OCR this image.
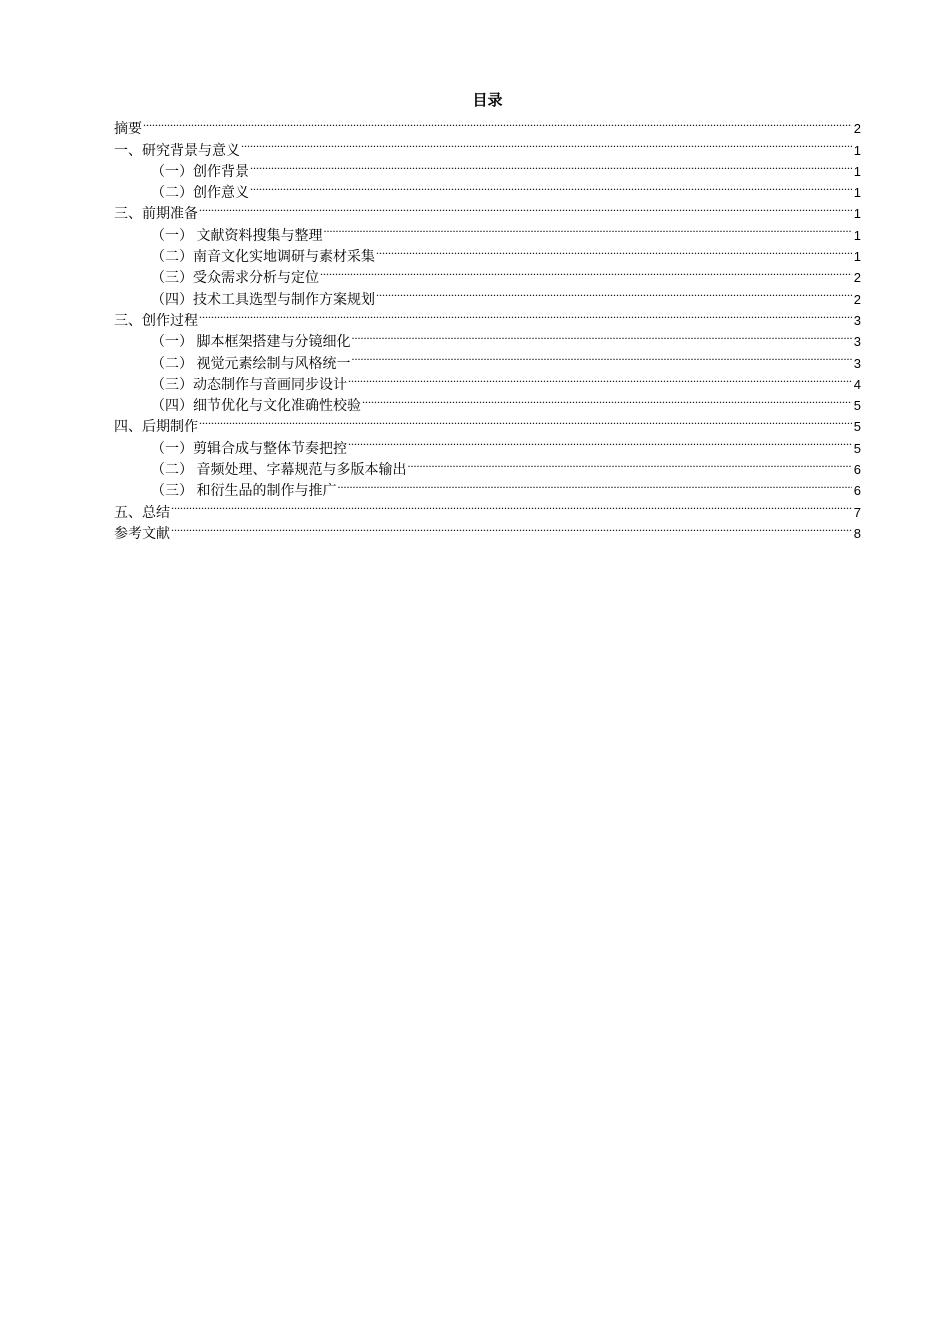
目录
摘要 .....	2
一、研究背景与意义 .....	1
（一）创作背景 .....	1
（二）创作意义 .....	1
三、前期准备 .....	1
（一） 文献资料搜集与整理 .....	1
（二）南音文化实地调研与素材采集 .....	1
（三）受众需求分析与定位 .....	2
（四）技术工具选型与制作方案规划 .....	2
三、创作过程 .....	3
（一） 脚本框架搭建与分镜细化 .....	3
（二） 视觉元素绘制与风格统一 .....	3
（三）动态制作与音画同步设计 .....	4
（四）细节优化与文化准确性校验 .....	5
四、后期制作 .....	5
（一）剪辑合成与整体节奏把控 .....	5
（二） 音频处理、字幕规范与多版本输出 .....	6
（三） 和衍生品的制作与推广 .....	6
五、总结 .....	7
参考文献 .....	8
